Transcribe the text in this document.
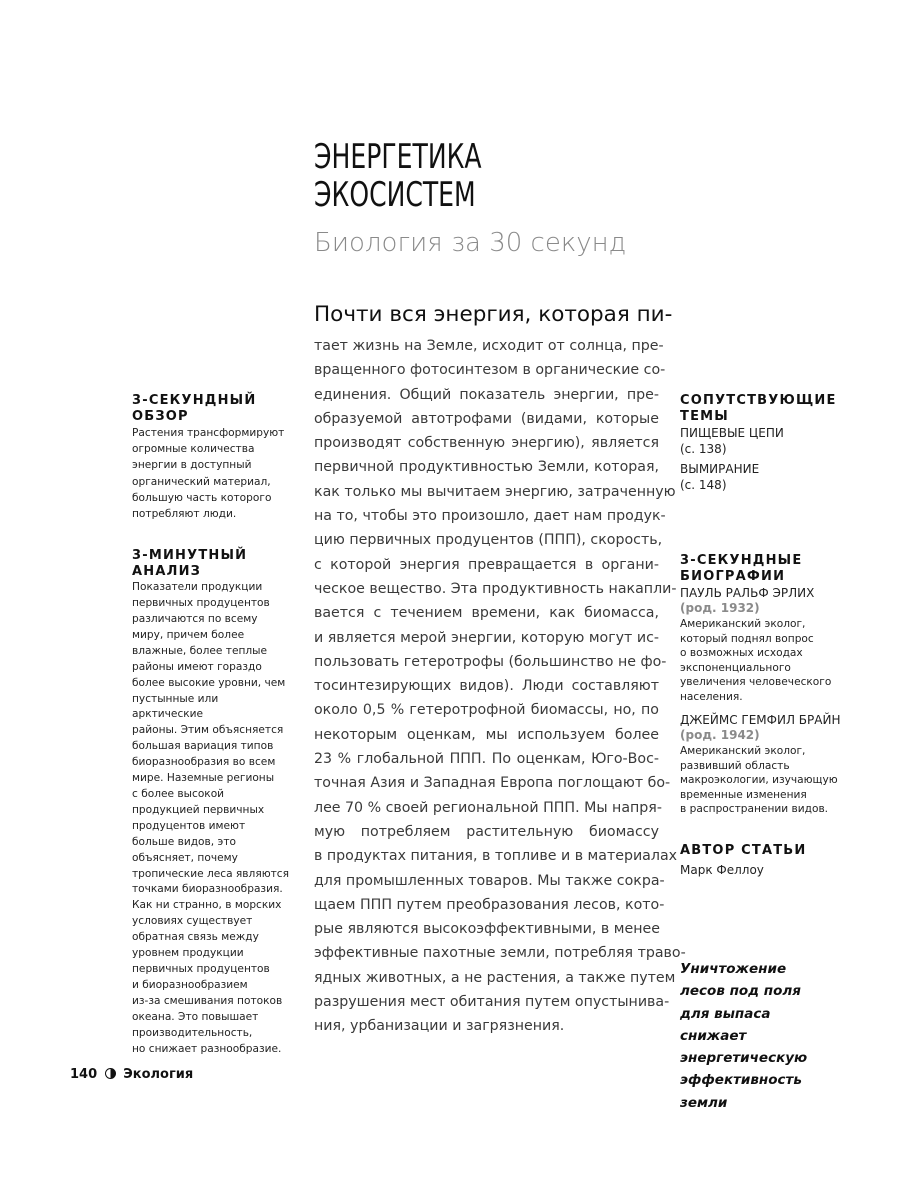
ЭНЕРГЕТИКА
ЭКОСИСТЕМ
Биология за 30 секунд
Почти вся энергия, которая пи-
тает жизнь на Земле, исходит от солнца, пре-
вращенного фотосинтезом в органические со-
единения. Общий показатель энергии, пре-
образуемой автотрофами (видами, которые
производят собственную энергию), является
первичной продуктивностью Земли, которая,
как только мы вычитаем энергию, затраченную
на то, чтобы это произошло, дает нам продук-
цию первичных продуцентов (ППП), скорость,
с которой энергия превращается в органи-
ческое вещество. Эта продуктивность накапли-
вается с течением времени, как биомасса,
и является мерой энергии, которую могут ис-
пользовать гетеротрофы (большинство не фо-
тосинтезирующих видов). Люди составляют
около 0,5 % гетеротрофной биомассы, но, по
некоторым оценкам, мы используем более
23 % глобальной ППП. По оценкам, Юго-Вос-
точная Азия и Западная Европа поглощают бо-
лее 70 % своей региональной ППП. Мы напря-
мую потребляем растительную биомассу
в продуктах питания, в топливе и в материалах
для промышленных товаров. Мы также сокра-
щаем ППП путем преобразования лесов, кото-
рые являются высокоэффективными, в менее
эффективные пахотные земли, потребляя траво-
ядных животных, а не растения, а также путем
разрушения мест обитания путем опустынива-
ния, урбанизации и загрязнения.
3-СЕКУНДНЫЙ
ОБЗОР
Растения трансформируют
огромные количества
энергии в доступный
органический материал,
большую часть которого
потребляют люди.
3-МИНУТНЫЙ
АНАЛИЗ
Показатели продукции
первичных продуцентов
различаются по всему
миру, причем более
влажные, более теплые
районы имеют гораздо
более высокие уровни, чем
пустынные или арктические
районы. Этим объясняется
большая вариация типов
биоразнообразия во всем
мире. Наземные регионы
с более высокой
продукцией первичных
продуцентов имеют
больше видов, это
объясняет, почему
тропические леса являются
точками биоразнообразия.
Как ни странно, в морских
условиях существует
обратная связь между
уровнем продукции
первичных продуцентов
и биоразнообразием
из-за смешивания потоков
океана. Это повышает
производительность,
но снижает разнообразие.
СОПУТСТВУЮЩИЕ
ТЕМЫ
ПИЩЕВЫЕ ЦЕПИ
(с. 138)
ВЫМИРАНИЕ
(с. 148)
3-СЕКУНДНЫЕ
БИОГРАФИИ
ПАУЛЬ РАЛЬФ ЭРЛИХ
(род. 1932)
Американский эколог,
который поднял вопрос
о возможных исходах
экспоненциального
увеличения человеческого
населения.
ДЖЕЙМС ГЕМФИЛ БРАЙН
(род. 1942)
Американский эколог,
развивший область
макроэкологии, изучающую
временные изменения
в распространении видов.
АВТОР СТАТЬИ
Марк Феллоу
Уничтожение
лесов под поля
для выпаса снижает
энергетическую
эффективность
земли
140 Экология
